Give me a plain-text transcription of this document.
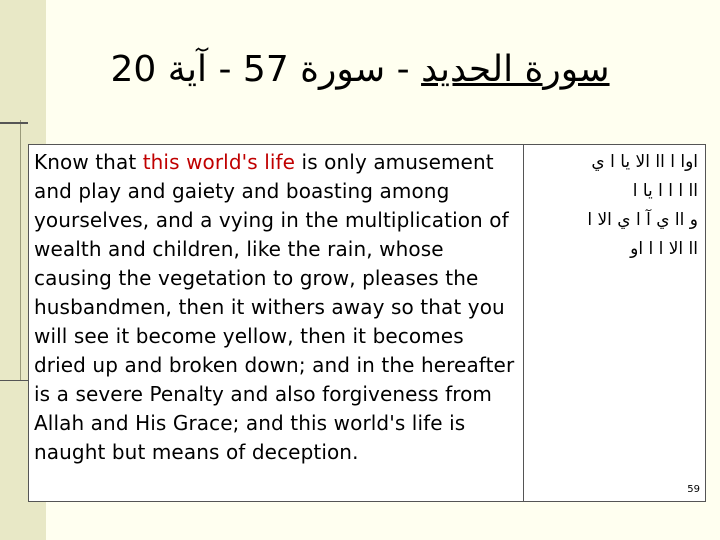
سورة الحديد - سورة 57 - آية 20
Know that this world's life is only amusement and play and gaiety and boasting among yourselves, and a vying in the multiplication of wealth and children, like the rain, whose causing the vegetation to grow, pleases the husbandmen, then it withers away so that you will see it become yellow, then it becomes dried up and broken down; and in the hereafter is a severe Penalty and also forgiveness from Allah and His Grace; and this world's life is naught but means of deception.
اوا ا اا الا يا ا ي
اا ا ا ا يا ا
و اا ي آ ا ي الا ا
اا الا ا ا او
59
